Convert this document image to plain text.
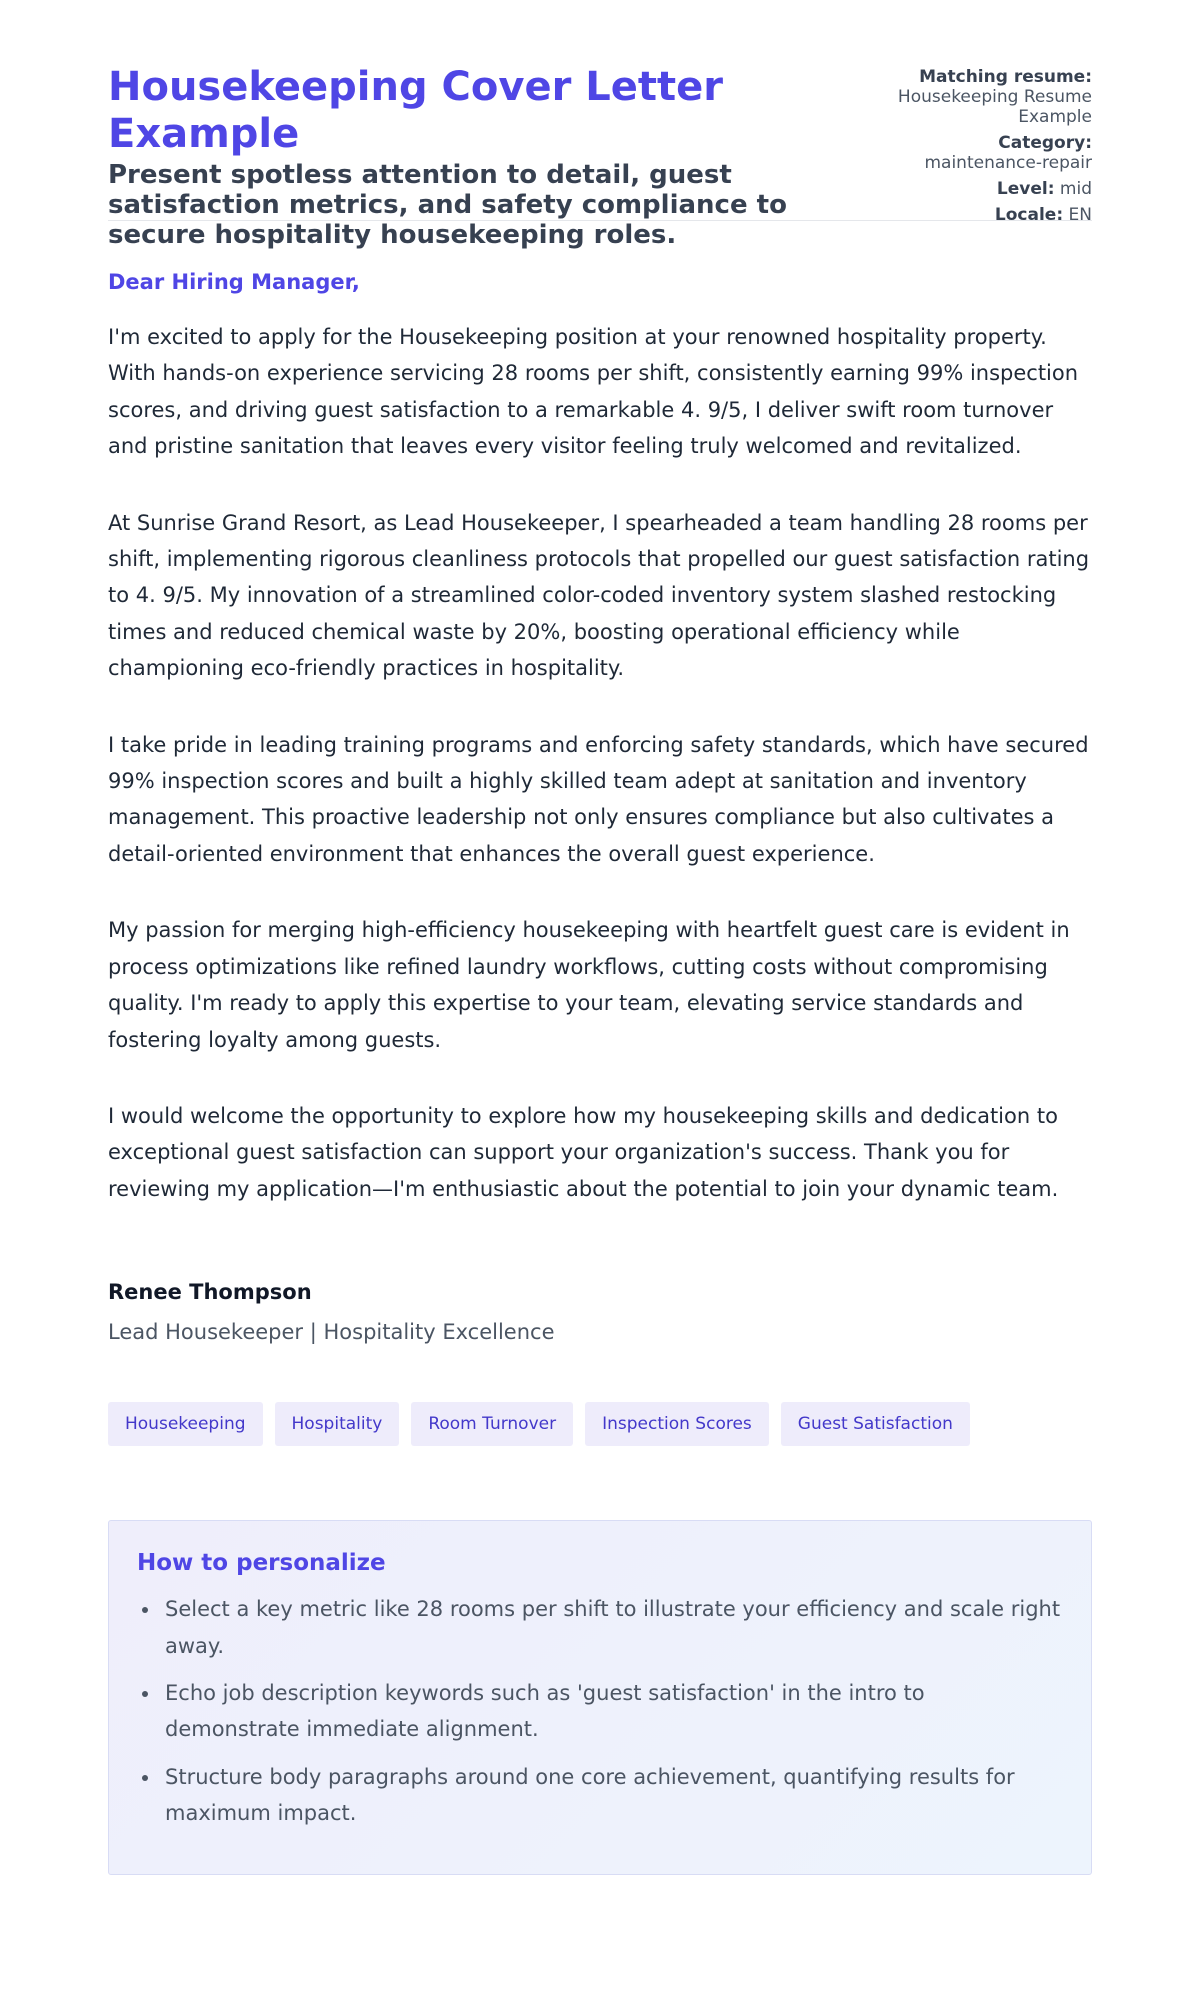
Housekeeping Cover Letter Example
Present spotless attention to detail, guest satisfaction metrics, and safety compliance to secure hospitality housekeeping roles.
Matching resume:
Housekeeping Resume Example
Category:
maintenance-repair
Level: mid
Locale: EN
Dear Hiring Manager,

I'm excited to apply for the Housekeeping position at your renowned hospitality property. With hands-on experience servicing 28 rooms per shift, consistently earning 99% inspection scores, and driving guest satisfaction to a remarkable 4. 9/5, I deliver swift room turnover and pristine sanitation that leaves every visitor feeling truly welcomed and revitalized.

At Sunrise Grand Resort, as Lead Housekeeper, I spearheaded a team handling 28 rooms per shift, implementing rigorous cleanliness protocols that propelled our guest satisfaction rating to 4. 9/5. My innovation of a streamlined color-coded inventory system slashed restocking times and reduced chemical waste by 20%, boosting operational efficiency while championing eco-friendly practices in hospitality.

I take pride in leading training programs and enforcing safety standards, which have secured 99% inspection scores and built a highly skilled team adept at sanitation and inventory management. This proactive leadership not only ensures compliance but also cultivates a detail-oriented environment that enhances the overall guest experience.

My passion for merging high-efficiency housekeeping with heartfelt guest care is evident in process optimizations like refined laundry workflows, cutting costs without compromising quality. I'm ready to apply this expertise to your team, elevating service standards and fostering loyalty among guests.

I would welcome the opportunity to explore how my housekeeping skills and dedication to exceptional guest satisfaction can support your organization's success. Thank you for reviewing my application—I'm enthusiastic about the potential to join your dynamic team.

Renee Thompson
Lead Housekeeper | Hospitality Excellence
Housekeeping	Hospitality	Room Turnover	Inspection Scores	Guest Satisfaction
How to personalize
• Select a key metric like 28 rooms per shift to illustrate your efficiency and scale right away.
• Echo job description keywords such as 'guest satisfaction' in the intro to demonstrate immediate alignment.
• Structure body paragraphs around one core achievement, quantifying results for maximum impact.
